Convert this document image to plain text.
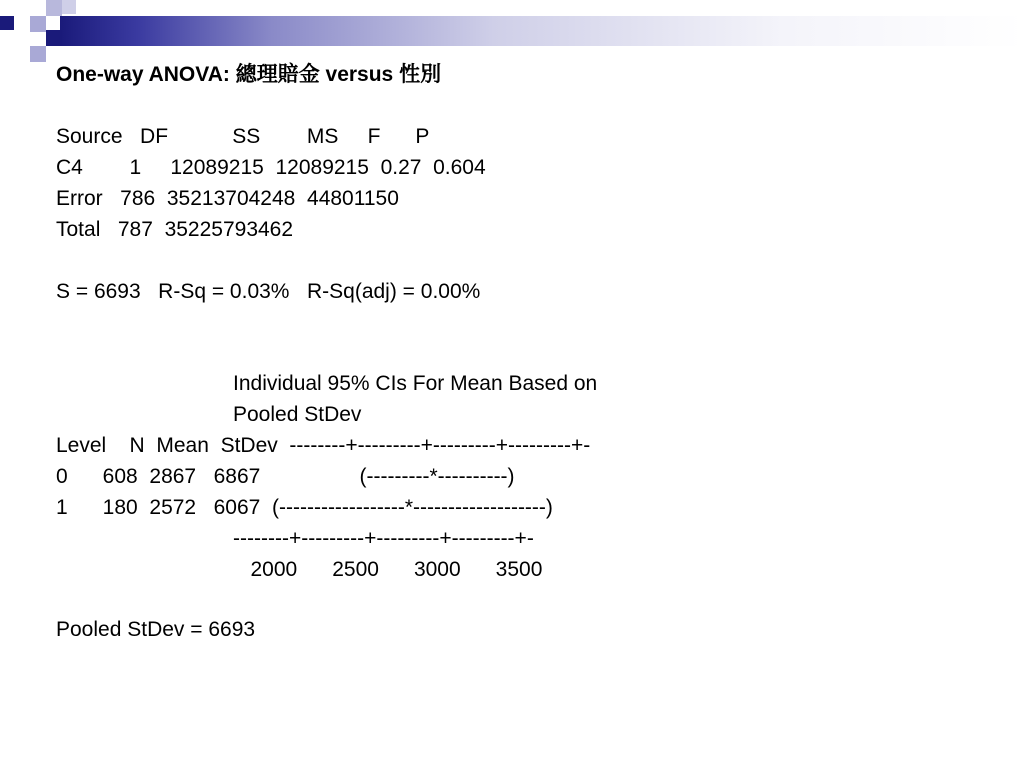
One-way ANOVA: 總理賠金 versus 性別
Source   DF           SS        MS     F      P
C4        1     12089215  12089215  0.27  0.604
Error   786  35213704248  44801150
Total   787  35225793462
S = 6693   R-Sq = 0.03%   R-Sq(adj) = 0.00%
Individual 95% CIs For Mean Based on
Pooled StDev
Level    N  Mean  StDev  --------+---------+---------+---------+-
0      608  2867   6867                 (---------*----------)
1      180  2572   6067  (------------------*-------------------)
--------+---------+---------+---------+-
2000      2500      3000      3500
Pooled StDev = 6693
